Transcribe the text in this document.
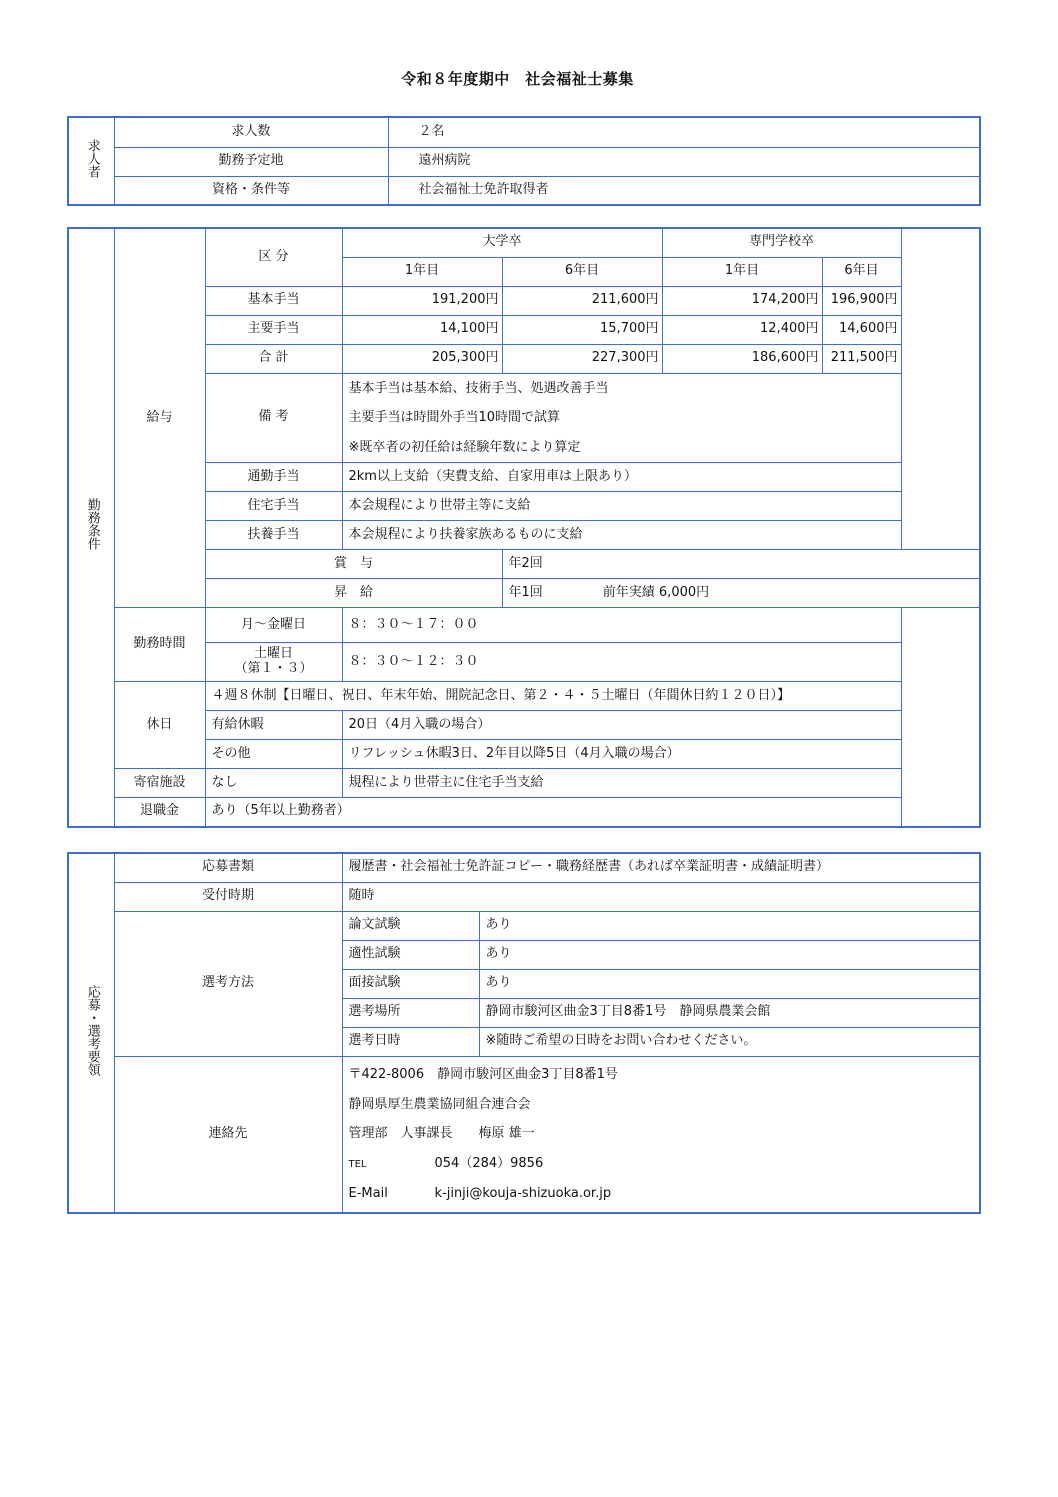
令和８年度期中　社会福祉士募集
求人者	求人数	２名
	勤務予定地	遠州病院
	資格・条件等	社会福祉士免許取得者
勤務条件	給与	区 分	大学卒		専門学校卒	
			1年目	6年目	1年目	6年目
		基本手当	191,200円	211,600円	174,200円	196,900円
		主要手当	14,100円	15,700円	12,400円	14,600円
		合 計	205,300円	227,300円	186,600円	211,500円
		備 考	基本手当は基本給、技術手当、処遇改善手当
主要手当は時間外手当10時間で試算
※既卒者の初任給は経験年数により算定			

		通勤手当	2km以上支給（実費支給、自家用車は上限あり）			
		住宅手当	本会規程により世帯主等に支給			
		扶養手当	本会規程により扶養家族あるものに支給			
		賞　与		年2回		
		昇　給		年1回 前年実績 6,000円		
	勤務時間	月～金曜日	８：３０～１７：００			

		土曜日
（第１・３）	８：３０～１２：３０			
	休日	４週８休制【日曜日、祝日、年末年始、開院記念日、第２・４・５土曜日（年間休日約１２０日）】				
		有給休暇	20日（4月入職の場合）			
		その他	リフレッシュ休暇3日、2年目以降5日（4月入職の場合）			
	寄宿施設	なし	規程により世帯主に住宅手当支給			
	退職金	あり（5年以上勤務者）				
応募・選考要領	応募書類	履歴書・社会福祉士免許証コピー・職務経歴書（あれば卒業証明書・成績証明書）	
	受付時期	随時	
	選考方法	論文試験	あり
		適性試験	あり
		面接試験	あり
		選考場所	静岡市駿河区曲金3丁目8番1号　静岡県農業会館
		選考日時	※随時ご希望の日時をお問い合わせください。
	連絡先	〒422-8006　静岡市駿河区曲金3丁目8番1号
静岡県厚生農業協同組合連合会
管理部　人事課長　　梅原 雄一
TEL 054（284）9856
E-Mail k-jinji@kouja-shizuoka.or.jp	
